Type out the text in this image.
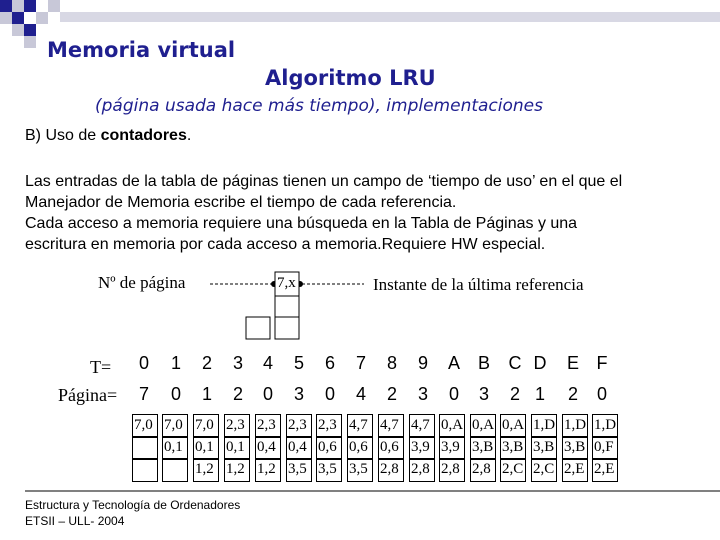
Memoria virtual
Algoritmo LRU
(página usada hace más tiempo), implementaciones
B) Uso de contadores.
Las entradas de la tabla de páginas tienen un campo de ‘tiempo de uso’ en el que el
Manejador de Memoria escribe el tiempo de cada referencia.
Cada acceso a memoria requiere una búsqueda en la Tabla de Páginas y una
escritura en memoria por cada acceso a memoria.Requiere HW especial.
Nº de página	Instante de la última referencia
7,x
T=
Página=
0 1 2 3 4 5 6 7 8 9 A B C D E F
7 0 1 2 0 3 0 4 2 3 0 3 2 1 2 0
7,0 7,0 7,0 2,3 2,3 2,3 2,3 4,7 4,7 4,7 0,A 0,A 0,A 1,D 1,D 1,D
0,1 0,1 0,1 0,4 0,4 0,6 0,6 0,6 3,9 3,9 3,B 3,B 3,B 3,B 0,F
1,2 1,2 1,2 3,5 3,5 3,5 2,8 2,8 2,8 2,8 2,C 2,C 2,E 2,E
Estructura y Tecnología de Ordenadores
ETSII – ULL- 2004
